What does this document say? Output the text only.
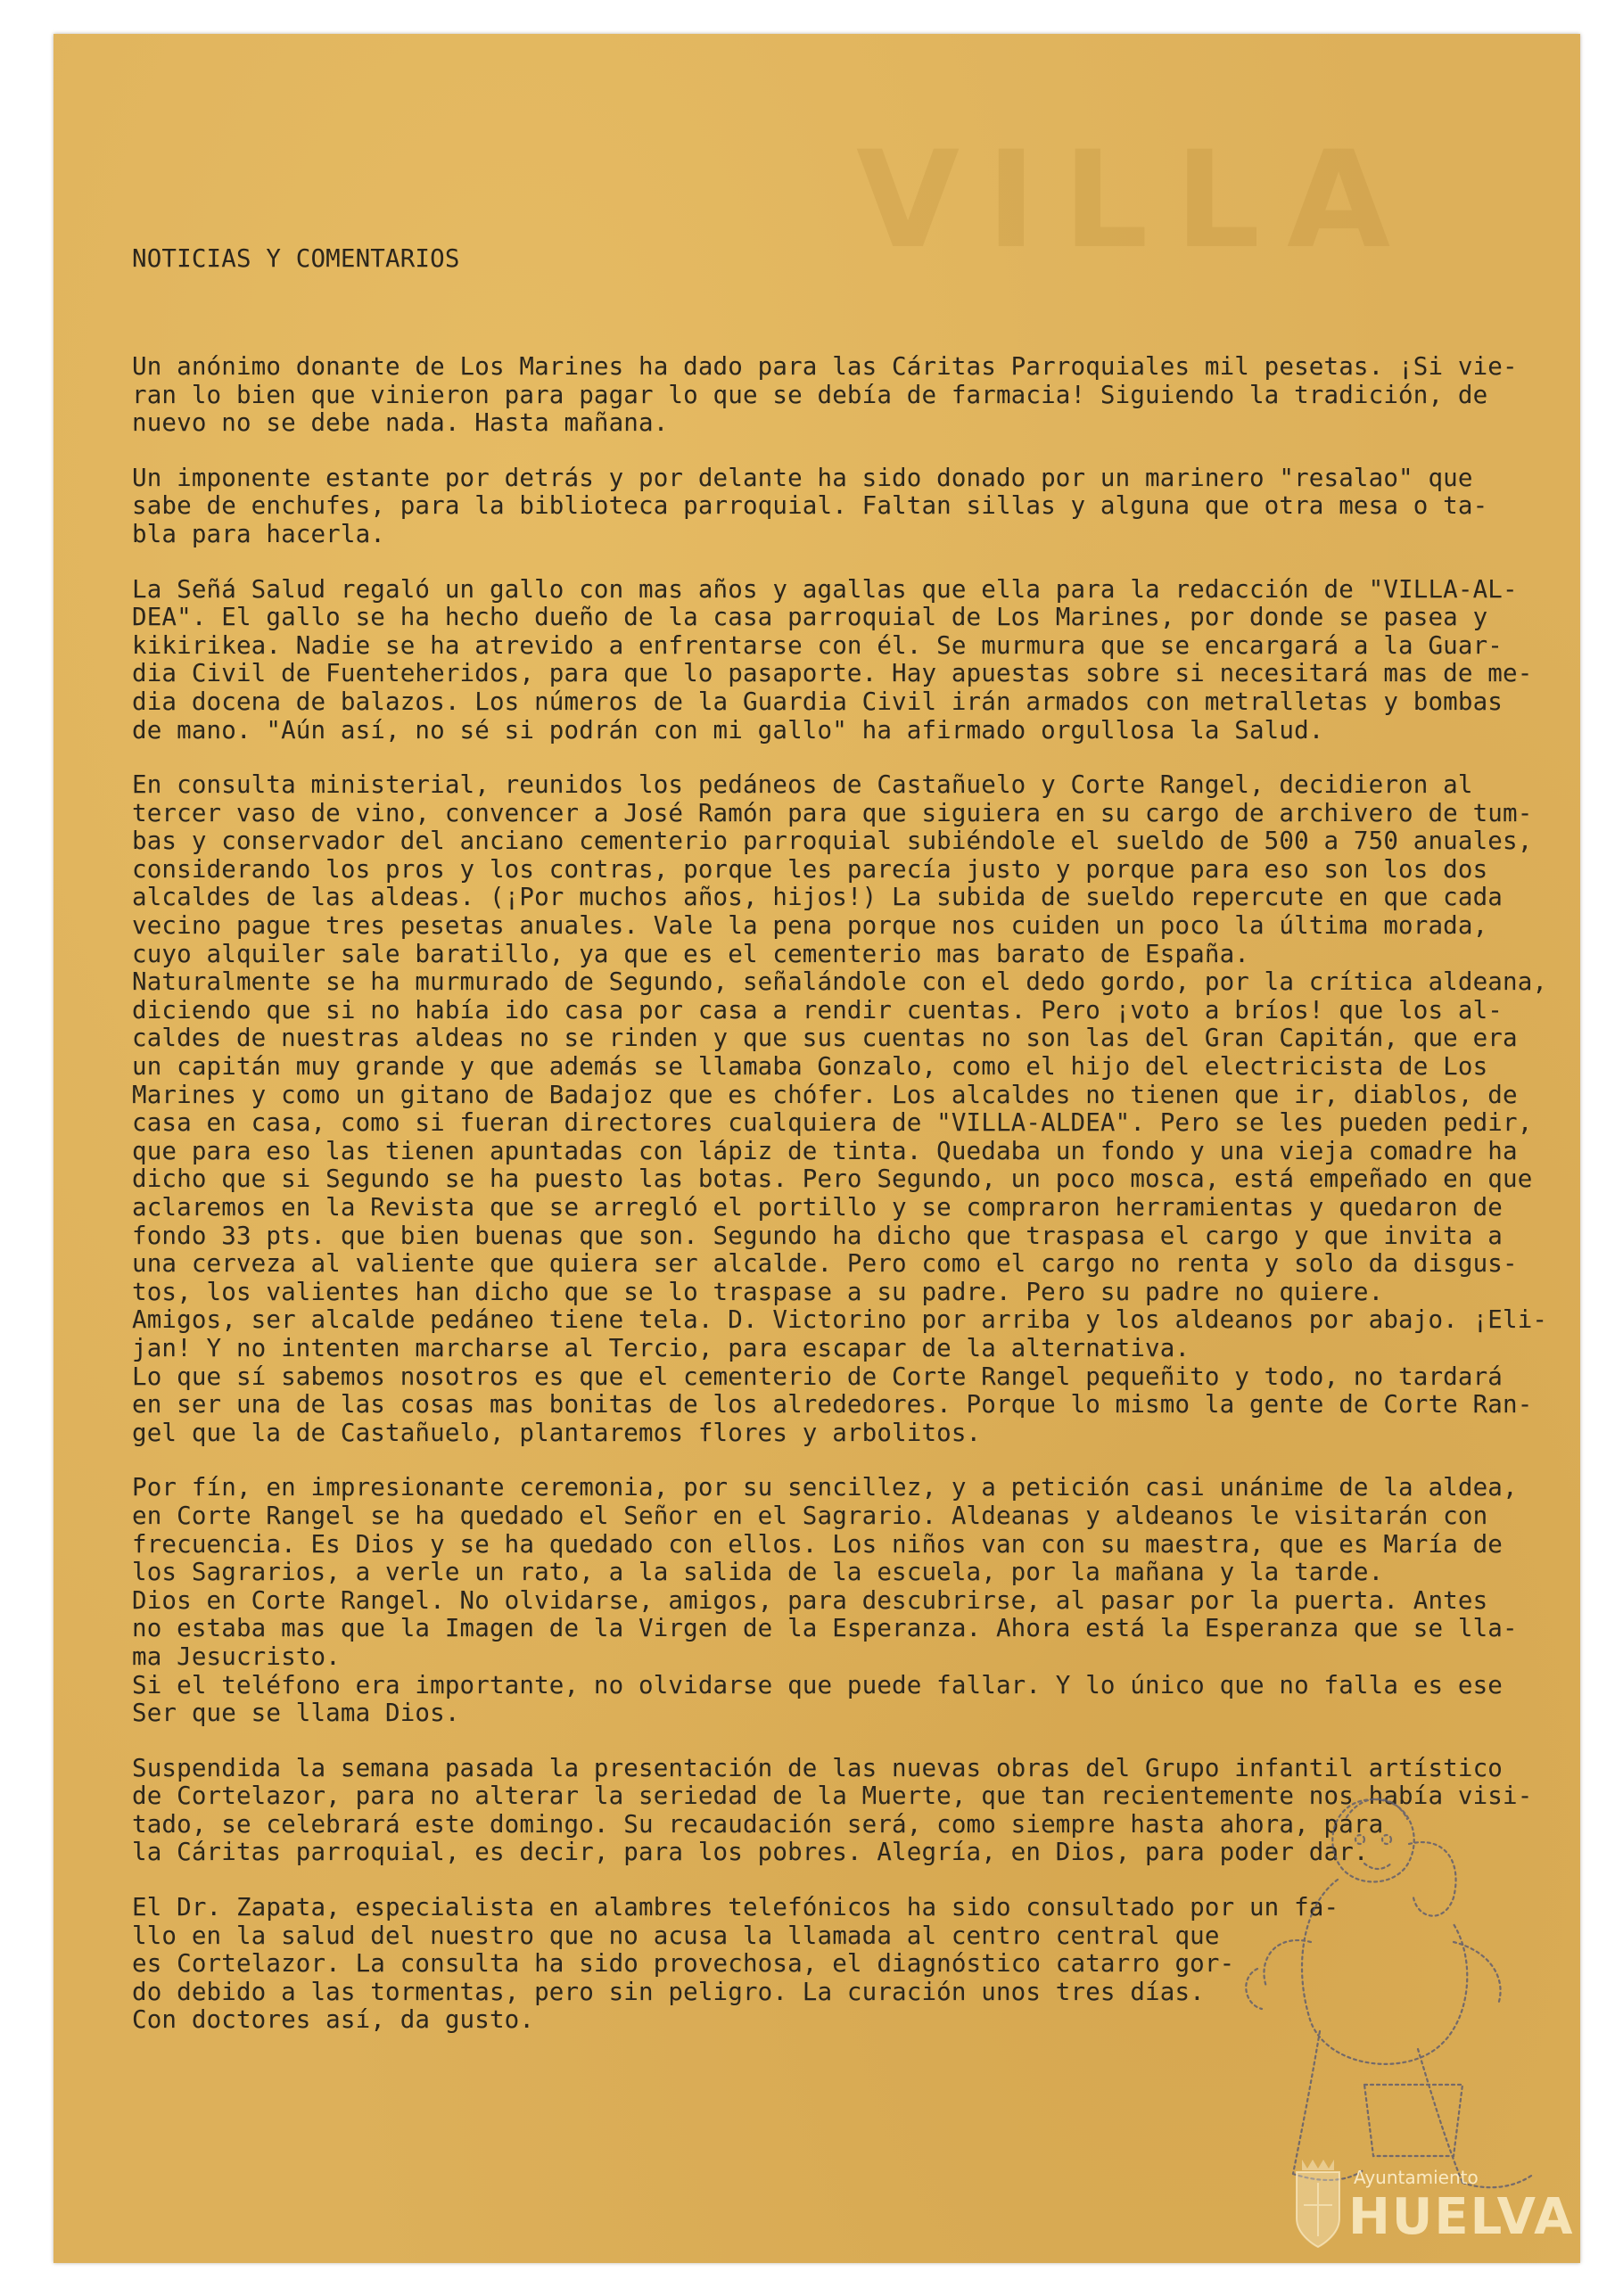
VILLA

NOTICIAS Y COMENTARIOS

Un anónimo donante de Los Marines ha dado para las Cáritas Parroquiales mil pesetas. ¡Si vie-

ran lo bien que vinieron para pagar lo que se debía de farmacia! Siguiendo la tradición, de

nuevo no se debe nada. Hasta mañana.

Un imponente estante por detrás y por delante ha sido donado por un marinero "resalao" que

sabe de enchufes, para la biblioteca parroquial. Faltan sillas y alguna que otra mesa o ta-

bla para hacerla.

La Señá Salud regaló un gallo con mas años y agallas que ella para la redacción de "VILLA-AL-

DEA". El gallo se ha hecho dueño de la casa parroquial de Los Marines, por donde se pasea y

kikirikea. Nadie se ha atrevido a enfrentarse con él. Se murmura que se encargará a la Guar-

dia Civil de Fuenteheridos, para que lo pasaporte. Hay apuestas sobre si necesitará mas de me-

dia docena de balazos. Los números de la Guardia Civil irán armados con metralletas y bombas

de mano. "Aún así, no sé si podrán con mi gallo" ha afirmado orgullosa la Salud.

En consulta ministerial, reunidos los pedáneos de Castañuelo y Corte Rangel, decidieron al

tercer vaso de vino, convencer a José Ramón para que siguiera en su cargo de archivero de tum-

bas y conservador del anciano cementerio parroquial subiéndole el sueldo de 500 a 750 anuales,

considerando los pros y los contras, porque les parecía justo y porque para eso son los dos

alcaldes de las aldeas. (¡Por muchos años, hijos!) La subida de sueldo repercute en que cada

vecino pague tres pesetas anuales. Vale la pena porque nos cuiden un poco la última morada,

cuyo alquiler sale baratillo, ya que es el cementerio mas barato de España.

Naturalmente se ha murmurado de Segundo, señalándole con el dedo gordo, por la crítica aldeana,

diciendo que si no había ido casa por casa a rendir cuentas. Pero ¡voto a bríos! que los al-

caldes de nuestras aldeas no se rinden y que sus cuentas no son las del Gran Capitán, que era

un capitán muy grande y que además se llamaba Gonzalo, como el hijo del electricista de Los

Marines y como un gitano de Badajoz que es chófer. Los alcaldes no tienen que ir, diablos, de

casa en casa, como si fueran directores cualquiera de "VILLA-ALDEA". Pero se les pueden pedir,

que para eso las tienen apuntadas con lápiz de tinta. Quedaba un fondo y una vieja comadre ha

dicho que si Segundo se ha puesto las botas. Pero Segundo, un poco mosca, está empeñado en que

aclaremos en la Revista que se arregló el portillo y se compraron herramientas y quedaron de

fondo 33 pts. que bien buenas que son. Segundo ha dicho que traspasa el cargo y que invita a

una cerveza al valiente que quiera ser alcalde. Pero como el cargo no renta y solo da disgus-

tos, los valientes han dicho que se lo traspase a su padre. Pero su padre no quiere.

Amigos, ser alcalde pedáneo tiene tela. D. Victorino por arriba y los aldeanos por abajo. ¡Eli-

jan! Y no intenten marcharse al Tercio, para escapar de la alternativa.

Lo que sí sabemos nosotros es que el cementerio de Corte Rangel pequeñito y todo, no tardará

en ser una de las cosas mas bonitas de los alrededores. Porque lo mismo la gente de Corte Ran-

gel que la de Castañuelo, plantaremos flores y arbolitos.

Por fín, en impresionante ceremonia, por su sencillez, y a petición casi unánime de la aldea,

en Corte Rangel se ha quedado el Señor en el Sagrario. Aldeanas y aldeanos le visitarán con

frecuencia. Es Dios y se ha quedado con ellos. Los niños van con su maestra, que es María de

los Sagrarios, a verle un rato, a la salida de la escuela, por la mañana y la tarde.

Dios en Corte Rangel. No olvidarse, amigos, para descubrirse, al pasar por la puerta. Antes

no estaba mas que la Imagen de la Virgen de la Esperanza. Ahora está la Esperanza que se lla-

ma Jesucristo.

Si el teléfono era importante, no olvidarse que puede fallar. Y lo único que no falla es ese

Ser que se llama Dios.

Suspendida la semana pasada la presentación de las nuevas obras del Grupo infantil artístico

de Cortelazor, para no alterar la seriedad de la Muerte, que tan recientemente nos había visi-

tado, se celebrará este domingo. Su recaudación será, como siempre hasta ahora, para

la Cáritas parroquial, es decir, para los pobres. Alegría, en Dios, para poder dar.

El Dr. Zapata, especialista en alambres telefónicos ha sido consultado por un fa-

llo en la salud del nuestro que no acusa la llamada al centro central que

es Cortelazor. La consulta ha sido provechosa, el diagnóstico catarro gor-

do debido a las tormentas, pero sin peligro. La curación unos tres días.

Con doctores así, da gusto.

Ayuntamiento
HUELVA
